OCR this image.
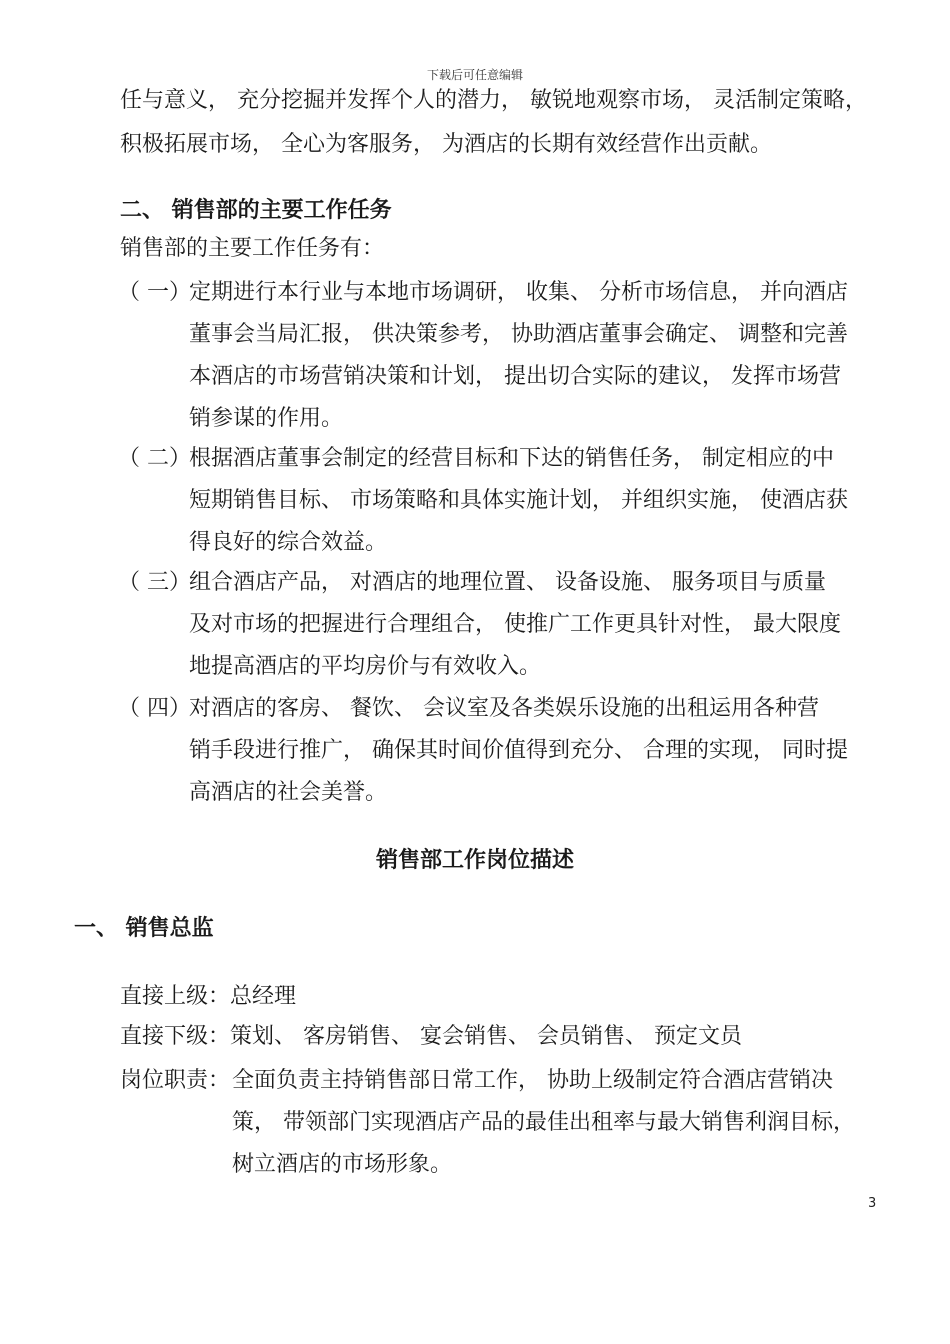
下载后可任意编辑
任与意义， 充分挖掘并发挥个人的潜力， 敏锐地观察市场， 灵活制定策略，
积极拓展市场， 全心为客服务， 为酒店的长期有效经营作出贡献。
二、 销售部的主要工作任务
销售部的主要工作任务有：
（ 一）
定期进行本行业与本地市场调研， 收集、 分析市场信息， 并向酒店
董事会当局汇报， 供决策参考， 协助酒店董事会确定、 调整和完善
本酒店的市场营销决策和计划， 提出切合实际的建议， 发挥市场营
销参谋的作用。
（ 二）
根据酒店董事会制定的经营目标和下达的销售任务， 制定相应的中
短期销售目标、 市场策略和具体实施计划， 并组织实施， 使酒店获
得良好的综合效益。
（ 三）
组合酒店产品， 对酒店的地理位置、 设备设施、 服务项目与质量
及对市场的把握进行合理组合， 使推广工作更具针对性， 最大限度
地提高酒店的平均房价与有效收入。
（ 四）
对酒店的客房、 餐饮、 会议室及各类娱乐设施的出租运用各种营
销手段进行推广， 确保其时间价值得到充分、 合理的实现， 同时提
高酒店的社会美誉。
销售部工作岗位描述
一、 销售总监
直接上级：总经理
直接下级：策划、 客房销售、 宴会销售、 会员销售、 预定文员
岗位职责： 全面负责主持销售部日常工作， 协助上级制定符合酒店营销决
策， 带领部门实现酒店产品的最佳出租率与最大销售利润目标，
树立酒店的市场形象。
3
